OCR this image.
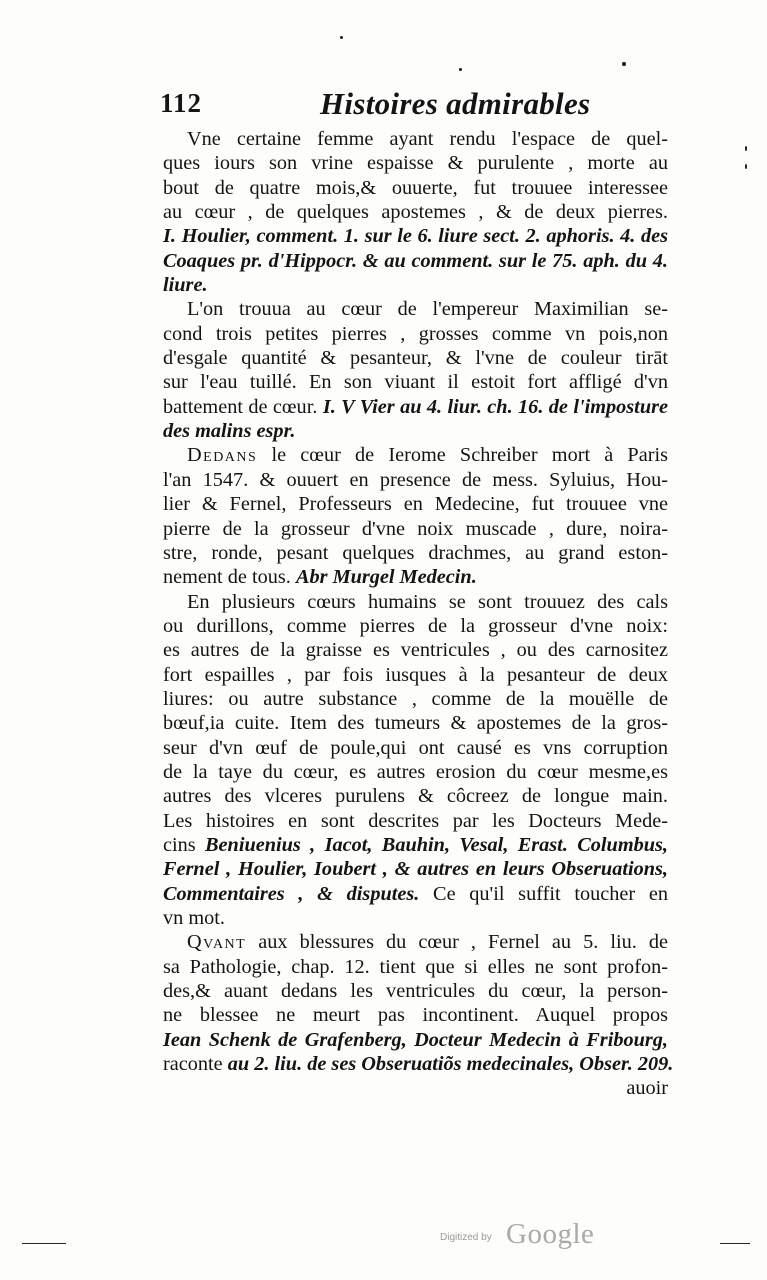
112	Histoires admirables
Vne certaine femme ayant rendu l'espace de quel-
ques iours son vrine espaisse & purulente , morte au
bout de quatre mois,& ouuerte, fut trouuee interessee
au cœur , de quelques apostemes , & de deux pierres.
I. Houlier, comment. 1. sur le 6. liure sect. 2. aphoris. 4. des
Coaques pr. d'Hippocr. & au comment. sur le 75. aph. du 4.
liure.
L'on trouua au cœur de l'empereur Maximilian se-
cond trois petites pierres , grosses comme vn pois,non
d'esgale quantité & pesanteur, & l'vne de couleur tirāt
sur l'eau tuillé. En son viuant il estoit fort affligé d'vn
battement de cœur. I. V Vier au 4. liur. ch. 16. de l'imposture
des malins espr.
Dedans le cœur de Ierome Schreiber mort à Paris
l'an 1547. & ouuert en presence de mess. Syluius, Hou-
lier & Fernel, Professeurs en Medecine, fut trouuee vne
pierre de la grosseur d'vne noix muscade , dure, noira-
stre, ronde, pesant quelques drachmes, au grand eston-
nement de tous. Abr Murgel Medecin.
En plusieurs cœurs humains se sont trouuez des cals
ou durillons, comme pierres de la grosseur d'vne noix:
es autres de la graisse es ventricules , ou des carnositez
fort espailles , par fois iusques à la pesanteur de deux
liures: ou autre substance , comme de la mouëlle de
bœuf,ia cuite. Item des tumeurs & apostemes de la gros-
seur d'vn œuf de poule,qui ont causé es vns corruption
de la taye du cœur, es autres erosion du cœur mesme,es
autres des vlceres purulens & côcreez de longue main.
Les histoires en sont descrites par les Docteurs Mede-
cins Beniuenius , Iacot, Bauhin, Vesal, Erast. Columbus,
Fernel , Houlier, Ioubert , & autres en leurs Obseruations,
Commentaires , & disputes. Ce qu'il suffit toucher en
vn mot.
Qvant aux blessures du cœur , Fernel au 5. liu. de
sa Pathologie, chap. 12. tient que si elles ne sont profon-
des,& auant dedans les ventricules du cœur, la person-
ne blessee ne meurt pas incontinent. Auquel propos
Iean Schenk de Grafenberg, Docteur Medecin à Fribourg,
raconte au 2. liu. de ses Obseruatiõs medecinales, Obser. 209.
auoir
Digitized by Google
